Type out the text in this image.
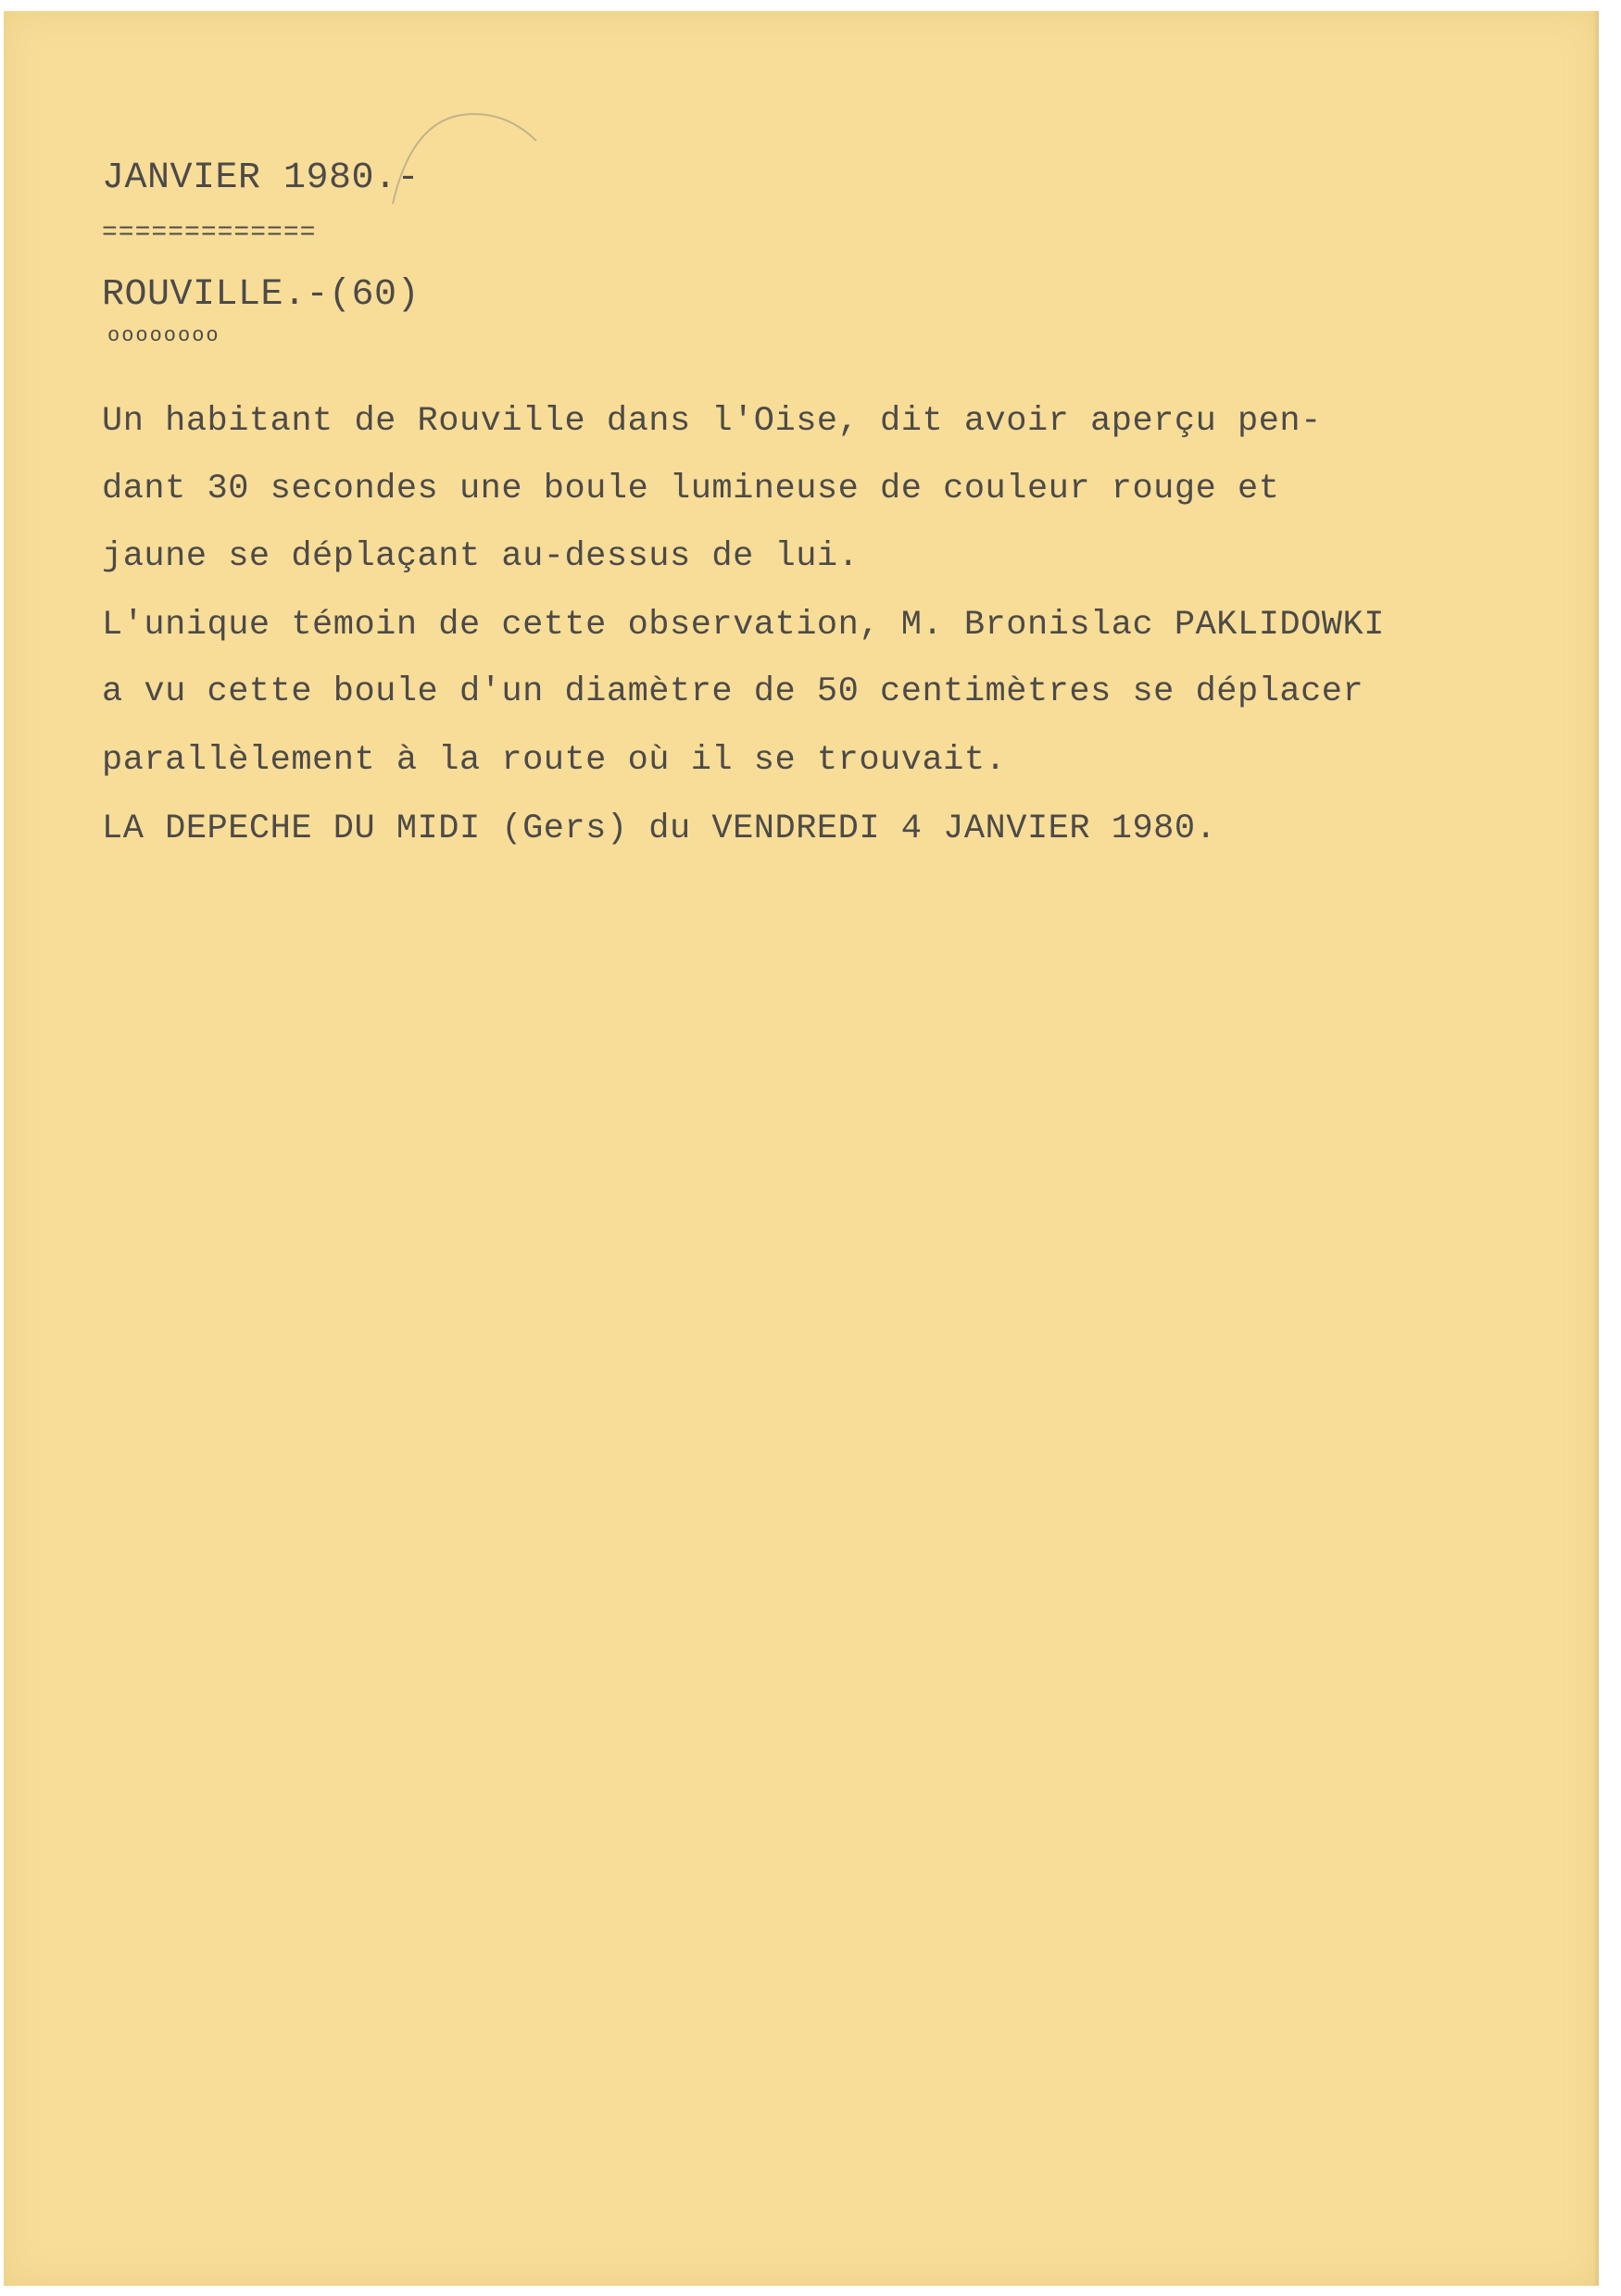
JANVIER 1980.-

=============

ROUVILLE.-(60)

oooooooo

Un habitant de Rouville dans l'Oise, dit avoir aperçu pen-

dant 30 secondes une boule lumineuse de couleur rouge et

jaune se déplaçant au-dessus de lui.

L'unique témoin de cette observation, M. Bronislac PAKLIDOWKI

a vu cette boule d'un diamètre de 50 centimètres se déplacer

parallèlement à la route où il se trouvait.

LA DEPECHE DU MIDI (Gers) du VENDREDI 4 JANVIER 1980.
